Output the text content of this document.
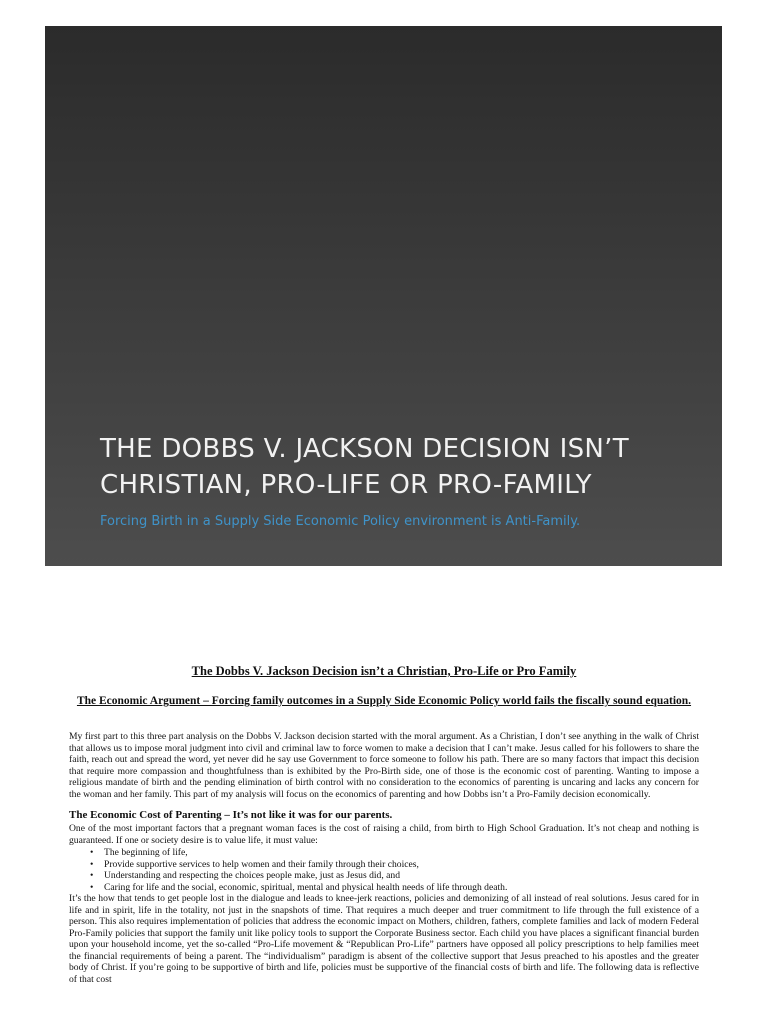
THE DOBBS V. JACKSON DECISION ISN’T
CHRISTIAN, PRO-LIFE OR PRO-FAMILY

Forcing Birth in a Supply Side Economic Policy environment is Anti-Family.

The Dobbs V. Jackson Decision isn’t a Christian, Pro-Life or Pro Family

The Economic Argument – Forcing family outcomes in a Supply Side Economic Policy world fails the fiscally sound equation.

My first part to this three part analysis on the Dobbs V. Jackson decision started with the moral argument. As a Christian, I don’t see anything in the walk of Christ that allows us to impose moral judgment into civil and criminal law to force women to make a decision that I can’t make. Jesus called for his followers to share the faith, reach out and spread the word, yet never did he say use Government to force someone to follow his path. There are so many factors that impact this decision that require more compassion and thoughtfulness than is exhibited by the Pro-Birth side, one of those is the economic cost of parenting. Wanting to impose a religious mandate of birth and the pending elimination of birth control with no consideration to the economics of parenting is uncaring and lacks any concern for the woman and her family. This part of my analysis will focus on the economics of parenting and how Dobbs isn’t a Pro-Family decision economically.

The Economic Cost of Parenting – It’s not like it was for our parents.

One of the most important factors that a pregnant woman faces is the cost of raising a child, from birth to High School Graduation. It’s not cheap and nothing is guaranteed. If one or society desire is to value life, it must value:

• The beginning of life,
• Provide supportive services to help women and their family through their choices,
• Understanding and respecting the choices people make, just as Jesus did, and
• Caring for life and the social, economic, spiritual, mental and physical health needs of life through death.

It’s the how that tends to get people lost in the dialogue and leads to knee-jerk reactions, policies and demonizing of all instead of real solutions. Jesus cared for in life and in spirit, life in the totality, not just in the snapshots of time. That requires a much deeper and truer commitment to life through the full existence of a person. This also requires implementation of policies that address the economic impact on Mothers, children, fathers, complete families and lack of modern Federal Pro-Family policies that support the family unit like policy tools to support the Corporate Business sector. Each child you have places a significant financial burden upon your household income, yet the so-called “Pro-Life movement & “Republican Pro-Life” partners have opposed all policy prescriptions to help families meet the financial requirements of being a parent. The “individualism” paradigm is absent of the collective support that Jesus preached to his apostles and the greater body of Christ. If you’re going to be supportive of birth and life, policies must be supportive of the financial costs of birth and life. The following data is reflective of that cost
